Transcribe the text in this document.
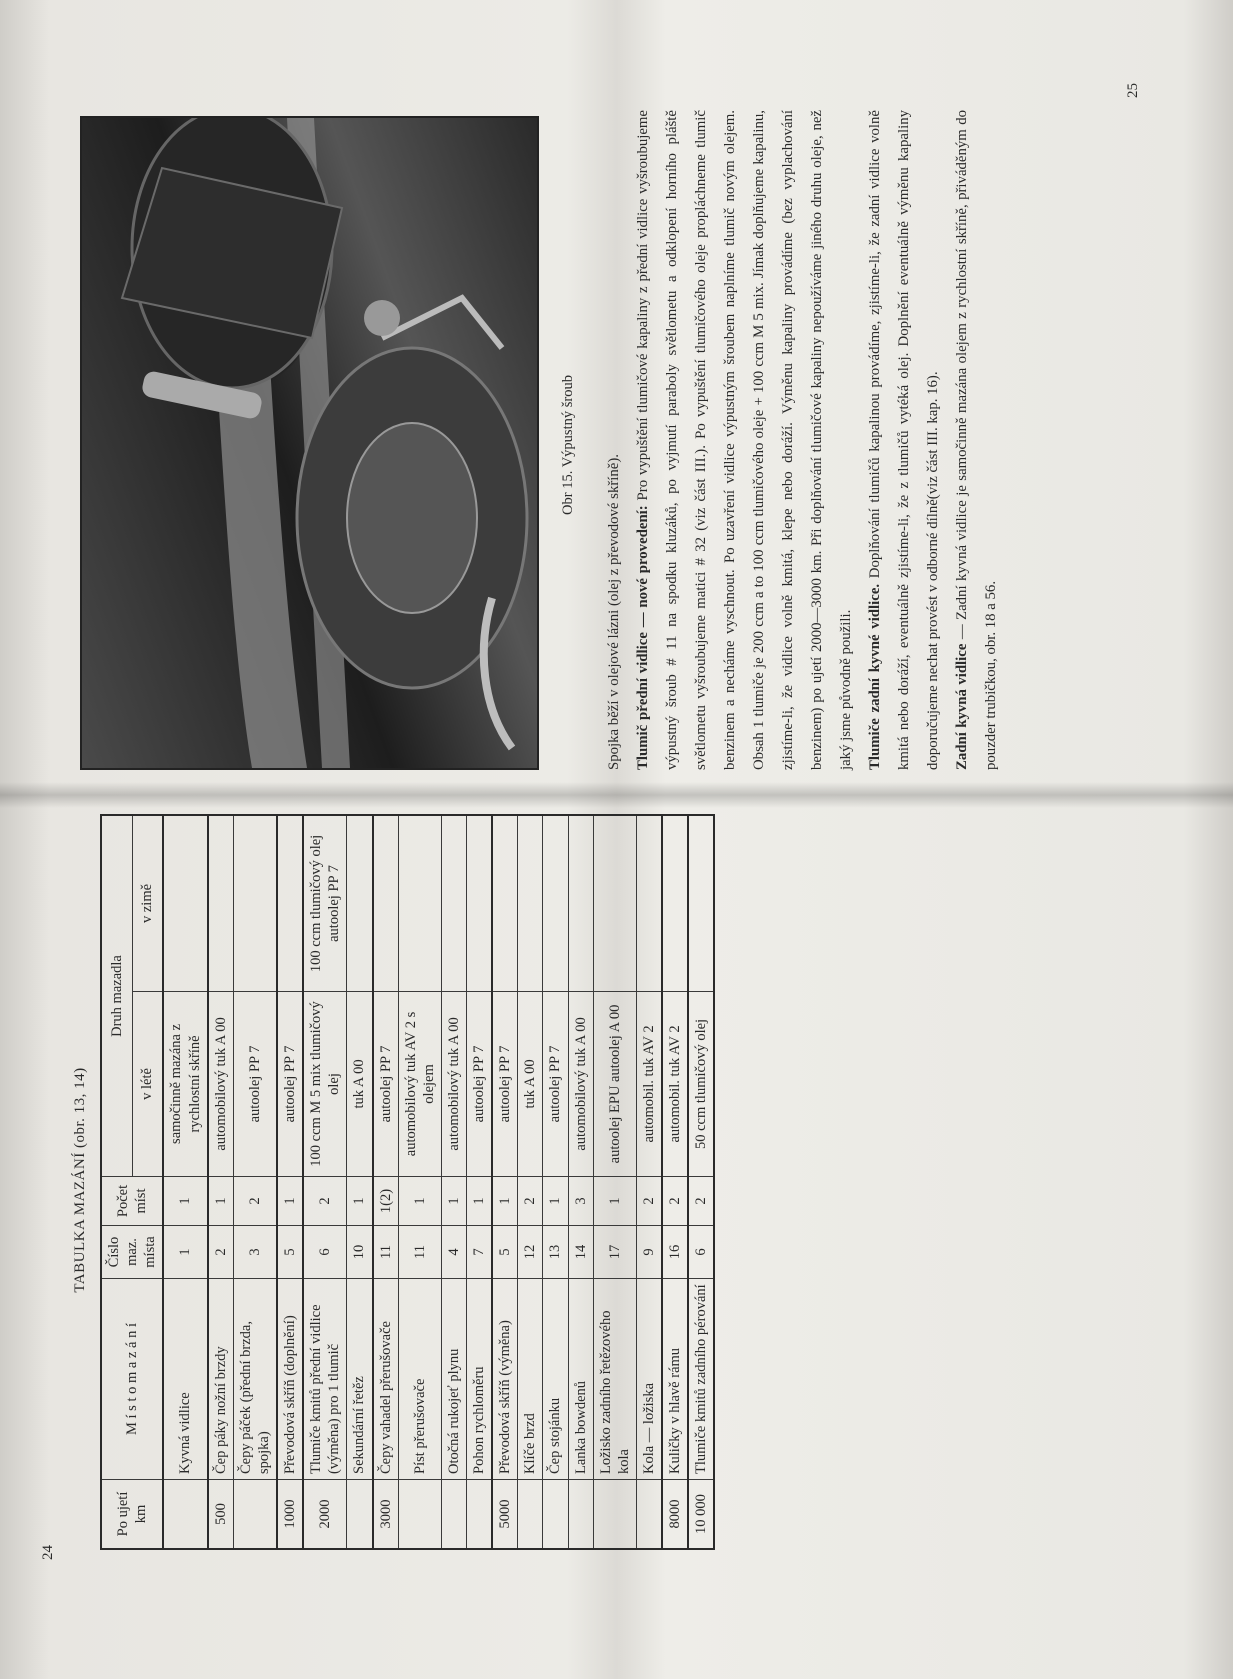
TABULKA MAZÁNÍ (obr. 13, 14)
Po ujetí km	M í s t o m a z á n í	Číslo maz. místa	Počet míst	Druh mazadla	
				v létě	v zimě
	Kyvná vidlice	1	1	samočinně mazána z rychlostní skříně	
500	Čep páky nožní brzdy	2	1	automobilový tuk A 00	
	Čepy páček (přední brzda, spojka)	3	2	autoolej PP 7	
1000	Převodová skříň (doplnění)	5	1	autoolej PP 7	
2000	Tlumiče kmitů přední vidlice (výměna) pro 1 tlumič	6	2	100 ccm M 5 mix tlumičový olej	100 ccm tlumičový olej autoolej PP 7
	Sekundární řetěz	10	1	tuk A 00	
3000	Čepy vahadel přerušovače	11	1(2)	autoolej PP 7	
	Píst přerušovače	11	1	automobilový tuk AV 2 s olejem	
	Otočná rukojeť plynu	4	1	automobilový tuk A 00	
	Pohon rychloměru	7	1	autoolej PP 7	
5000	Převodová skříň (výměna)	5	1	autoolej PP 7	
	Klíče brzd	12	2	tuk A 00	
	Čep stojánku	13	1	autoolej PP 7	
	Lanka bowdenů	14	3	automobilový tuk A 00	
	Ložisko zadního řetězového kola	17	1	autoolej EPU autoolej A 00	
	Kola — ložiska	9	2	automobil. tuk AV 2	
8000	Kuličky v hlavě rámu	16	2	automobil. tuk AV 2	
10 000	Tlumiče kmitů zadního pérování	6	2	50 ccm tlumičový olej	
24
Obr 15. Výpustný šroub

Spojka běží v olejové lázni (olej z převodové skříně). Tlumič přední vidlice — nové provedení: Pro vypuštění tlumičové kapaliny z přední vidlice vyšroubujeme výpustný šroub # 11 na spodku kluzáků, po vyjmutí paraboly světlometu a odklopení horního pláště světlometu vyšroubujeme matici # 32 (viz část III.). Po vypuštění tlumičového oleje propláchneme tlumič benzinem a necháme vyschnout. Po uzavření vidlice výpustným šroubem naplníme tlumič novým olejem. Obsah 1 tlumiče je 200 ccm a to 100 ccm tlumičového oleje + 100 ccm M 5 mix. Jímak doplňujeme kapalinu, zjistíme-li, že vidlice volně kmitá, klepe nebo doráží. Výměnu kapaliny provádíme (bez vyplachování benzinem) po ujetí 2000—3000 km. Při doplňování tlumičové kapaliny nepoužíváme jiného druhu oleje, než jaký jsme původně použili. Tlumiče zadní kyvné vidlice. Doplňování tlumičů kapalinou provádíme, zjistíme-li, že zadní vidlice volně kmitá nebo doráží, eventuálně zjistíme-li, že z tlumičů vytéká olej. Doplnění eventuálně výměnu kapaliny doporučujeme nechat provést v odborné dílně(viz část III. kap. 16). Zadní kyvná vidlice — Zadní kyvná vidlice je samočinně mazána olejem z rychlostní skříně, přiváděným do pouzder trubičkou, obr. 18 a 56.

25
